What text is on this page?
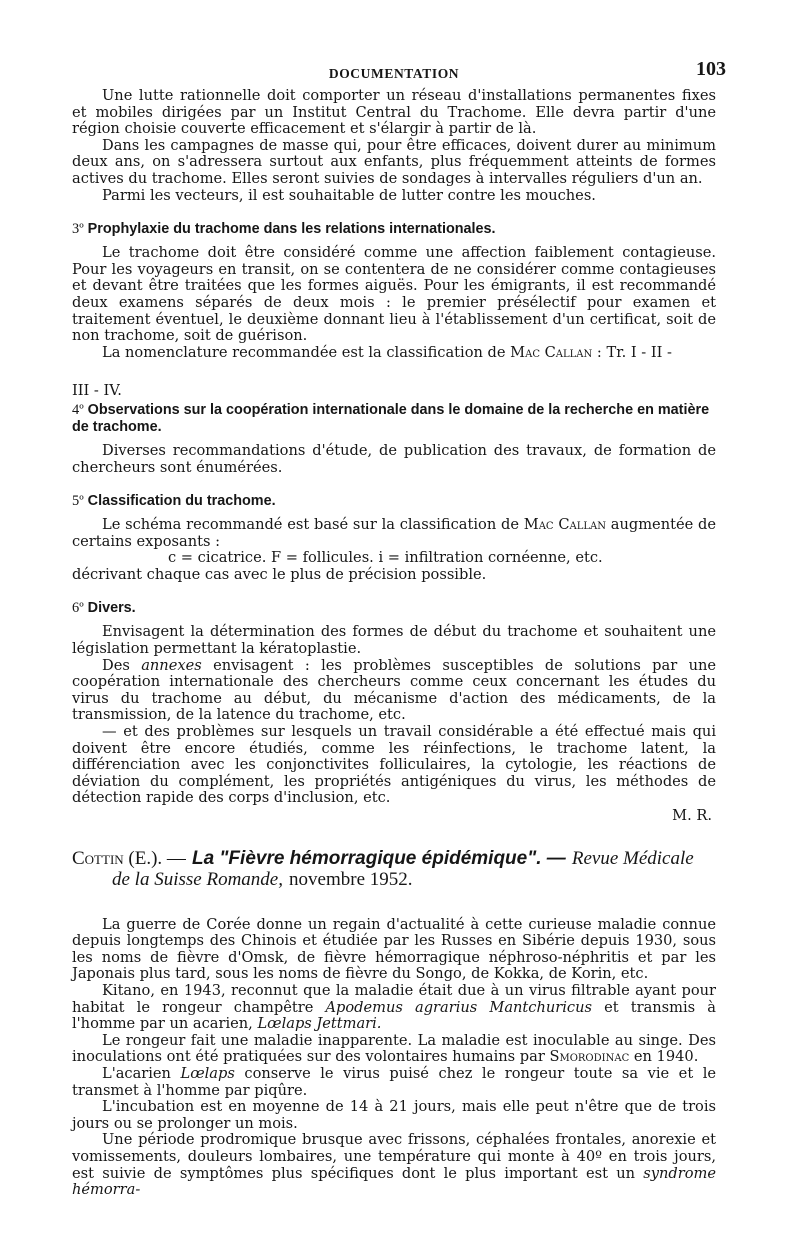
DOCUMENTATION	103

Une lutte rationnelle doit comporter un réseau d'installations permanentes fixes et mobiles dirigées par un Institut Central du Trachome. Elle devra partir d'une région choisie couverte efficacement et s'élargir à partir de là.

Dans les campagnes de masse qui, pour être efficaces, doivent durer au minimum deux ans, on s'adressera surtout aux enfants, plus fréquemment atteints de formes actives du trachome. Elles seront suivies de sondages à intervalles réguliers d'un an.

Parmi les vecteurs, il est souhaitable de lutter contre les mouches.

3º Prophylaxie du trachome dans les relations internationales.

Le trachome doit être considéré comme une affection faiblement contagieuse. Pour les voyageurs en transit, on se contentera de ne considérer comme contagieuses et devant être traitées que les formes aiguës. Pour les émigrants, il est recommandé deux examens séparés de deux mois : le premier présélectif pour examen et traitement éventuel, le deuxième donnant lieu à l'établissement d'un certificat, soit de non trachome, soit de guérison.

La nomenclature recommandée est la classification de Mac Callan : Tr. I - II -

III - IV.

4º Observations sur la coopération internationale dans le domaine de la recherche en matière de trachome.

Diverses recommandations d'étude, de publication des travaux, de formation de chercheurs sont énumérées.

5º Classification du trachome.

Le schéma recommandé est basé sur la classification de Mac Callan augmentée de certains exposants :

c = cicatrice. F = follicules. i = infiltration cornéenne, etc.

décrivant chaque cas avec le plus de précision possible.

6º Divers.

Envisagent la détermination des formes de début du trachome et souhaitent une législation permettant la kératoplastie.

Des annexes envisagent : les problèmes susceptibles de solutions par une coopération internationale des chercheurs comme ceux concernant les études du virus du trachome au début, du mécanisme d'action des médicaments, de la transmission, de la latence du trachome, etc.

— et des problèmes sur lesquels un travail considérable a été effectué mais qui doivent être encore étudiés, comme les réinfections, le trachome latent, la différenciation avec les conjonctivites folliculaires, la cytologie, les réactions de déviation du complément, les propriétés antigéniques du virus, les méthodes de détection rapide des corps d'inclusion, etc.

M. R.

Cottin (E.). — La "Fièvre hémorragique épidémique". — Revue Médicale de la Suisse Romande, novembre 1952.

La guerre de Corée donne un regain d'actualité à cette curieuse maladie connue depuis longtemps des Chinois et étudiée par les Russes en Sibérie depuis 1930, sous les noms de fièvre d'Omsk, de fièvre hémorragique néphroso-néphritis et par les Japonais plus tard, sous les noms de fièvre du Songo, de Kokka, de Korin, etc.

Kitano, en 1943, reconnut que la maladie était due à un virus filtrable ayant pour habitat le rongeur champêtre Apodemus agrarius Mantchuricus et transmis à l'homme par un acarien, Lœlaps Jettmari.

Le rongeur fait une maladie inapparente. La maladie est inoculable au singe. Des inoculations ont été pratiquées sur des volontaires humains par Smorodinac en 1940.

L'acarien Lœlaps conserve le virus puisé chez le rongeur toute sa vie et le transmet à l'homme par piqûre.

L'incubation est en moyenne de 14 à 21 jours, mais elle peut n'être que de trois jours ou se prolonger un mois.

Une période prodromique brusque avec frissons, céphalées frontales, anorexie et vomissements, douleurs lombaires, une température qui monte à 40º en trois jours, est suivie de symptômes plus spécifiques dont le plus important est un syndrome hémorra-
